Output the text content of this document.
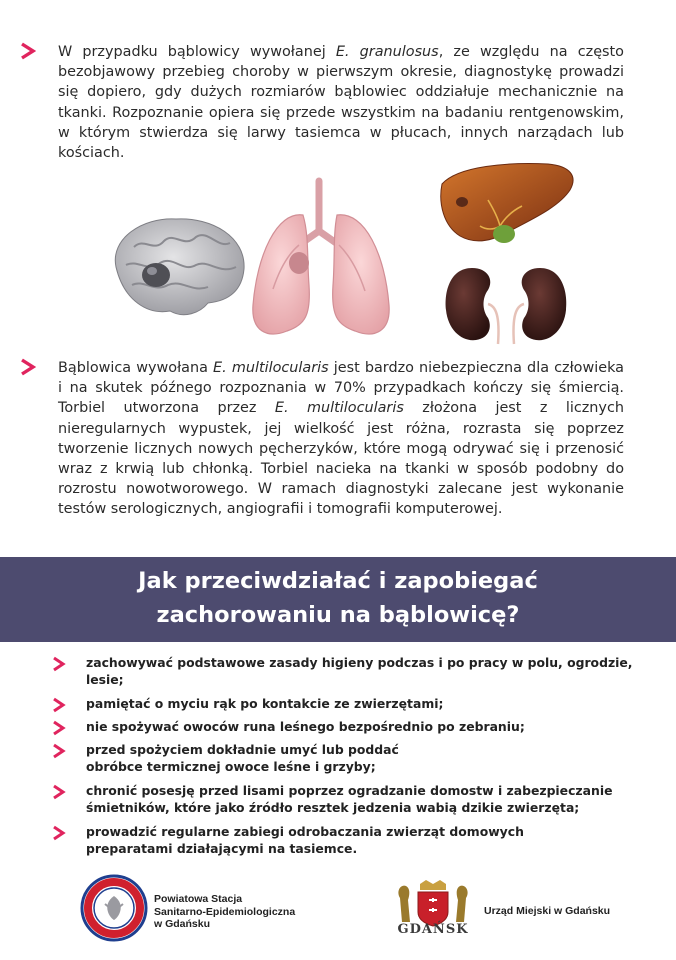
W przypadku bąblowicy wywołanej E. granulosus, ze względu na często bezobjawowy przebieg choroby w pierwszym okresie, diagnostykę prowadzi się dopiero, gdy dużych rozmiarów bąblowiec oddziałuje mechanicznie na tkanki. Rozpoznanie opiera się przede wszystkim na badaniu rentgenowskim, w którym stwierdza się larwy tasiemca w płucach, innych narządach lub kościach.
Bąblowica wywołana E. multilocularis jest bardzo niebezpieczna dla człowieka i na skutek późnego rozpoznania w 70% przypadkach kończy się śmiercią. Torbiel utworzona przez E. multilocularis złożona jest z licznych nieregularnych wypustek, jej wielkość jest różna, rozrasta się poprzez tworzenie licznych nowych pęcherzyków, które mogą odrywać się i przenosić wraz z krwią lub chłonką. Torbiel nacieka na tkanki w sposób podobny do rozrostu nowotworowego. W ramach diagnostyki zalecane jest wykonanie testów serologicznych, angiografii i tomografii komputerowej.
Jak przeciwdziałać i zapobiegać
zachorowaniu na bąblowicę?
zachowywać podstawowe zasady higieny podczas i po pracy w polu, ogrodzie, lesie;
pamiętać o myciu rąk po kontakcie ze zwierzętami;
nie spożywać owoców runa leśnego bezpośrednio po zebraniu;
przed spożyciem dokładnie umyć lub poddać obróbce termicznej owoce leśne i grzyby;
chronić posesję przed lisami poprzez ogradzanie domostw i zabezpieczanie śmietników, które jako źródło resztek jedzenia wabią dzikie zwierzęta;
prowadzić regularne zabiegi odrobaczania zwierząt domowych preparatami działającymi na tasiemce.
Powiatowa Stacja
Sanitarno-Epidemiologiczna
w Gdańsku	GDAŃSK
Urząd Miejski w Gdańsku
